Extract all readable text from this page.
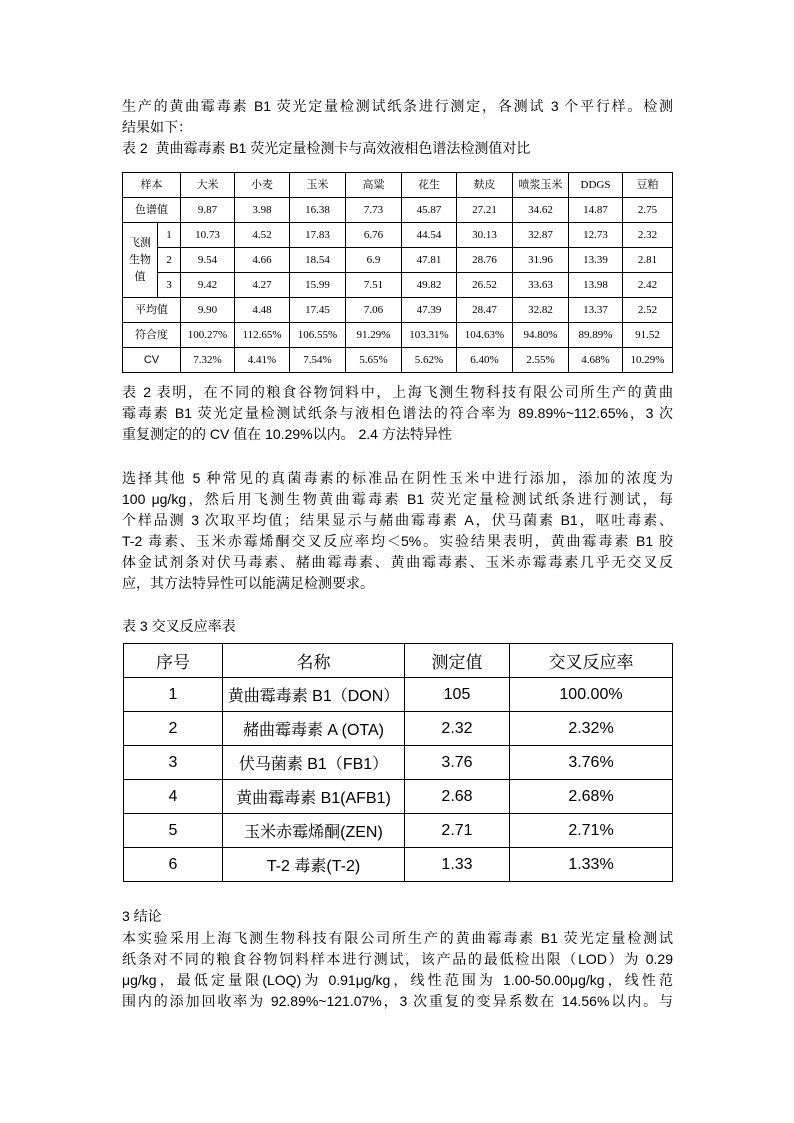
生产的黄曲霉毒素 B1 荧光定量检测试纸条进行测定，各测试 3 个平行样。检测
结果如下：
表 2  黄曲霉毒素 B1 荧光定量检测卡与高效液相色谱法检测值对比
样本		大米	小麦	玉米	高粱	花生	麸皮	喷浆玉米	DDGS	豆粕
色谱值		9.87	3.98	16.38	7.73	45.87	27.21	34.62	14.87	2.75
飞测生物值	1	10.73	4.52	17.83	6.76	44.54	30.13	32.87	12.73	2.32
	2	9.54	4.66	18.54	6.9	47.81	28.76	31.96	13.39	2.81
	3	9.42	4.27	15.99	7.51	49.82	26.52	33.63	13.98	2.42
平均值		9.90	4.48	17.45	7.06	47.39	28.47	32.82	13.37	2.52
符合度		100.27%	112.65%	106.55%	91.29%	103.31%	104.63%	94.80%	89.89%	91.52
CV		7.32%	4.41%	7.54%	5.65%	5.62%	6.40%	2.55%	4.68%	10.29%
表 2 表明，在不同的粮食谷物饲料中，上海飞测生物科技有限公司所生产的黄曲
霉毒素 B1 荧光定量检测试纸条与液相色谱法的符合率为 89.89%~112.65%，3 次
重复测定的的 CV 值在 10.29%以内。 2.4 方法特异性
选择其他 5 种常见的真菌毒素的标准品在阴性玉米中进行添加，添加的浓度为
100 μg/kg，然后用飞测生物黄曲霉毒素 B1 荧光定量检测试纸条进行测试，每
个样品测 3 次取平均值；结果显示与赭曲霉毒素 A，伏马菌素 B1，呕吐毒素、
T-2 毒素、玉米赤霉烯酮交叉反应率均＜5%。实验结果表明，黄曲霉毒素 B1 胶
体金试剂条对伏马毒素、赭曲霉毒素、黄曲霉毒素、玉米赤霉毒素几乎无交叉反
应，其方法特异性可以能满足检测要求。
表 3 交叉反应率表
序号	名称	测定值	交叉反应率
1	黄曲霉毒素 B1（DON）	105	100.00%
2	赭曲霉毒素 A (OTA)	2.32	2.32%
3	伏马菌素 B1（FB1）	3.76	3.76%
4	黄曲霉毒素 B1(AFB1)	2.68	2.68%
5	玉米赤霉烯酮(ZEN)	2.71	2.71%
6	T-2 毒素(T-2)	1.33	1.33%
3 结论
本实验采用上海飞测生物科技有限公司所生产的黄曲霉毒素 B1 荧光定量检测试
纸条对不同的粮食谷物饲料样本进行测试，该产品的最低检出限（LOD）为 0.29
μg/kg，最低定量限(LOQ)为 0.91μg/kg，线性范围为 1.00-50.00μg/kg，线性范
围内的添加回收率为 92.89%~121.07%，3 次重复的变异系数在 14.56%以内。与
